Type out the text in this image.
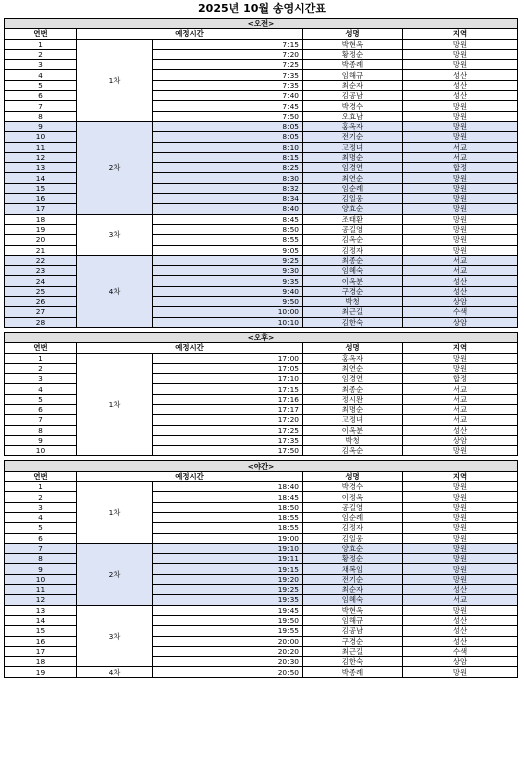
2025년 10월 송영시간표
<오전>				
연번	예정시간		성명	지역
1	1차	7:15	박현옥	망원
2		7:20	황정순	망원
3		7:25	박종례	망원
4		7:35	임해규	성산
5		7:35	최순자	성산
6		7:40	김공남	성산
7		7:45	박경수	망원
8		7:50	오효남	망원
9	2차	8:05	홍옥자	망원
10		8:05	전기순	망원
11		8:10	고정녀	서교
12		8:15	최명순	서교
13		8:25	임경연	합정
14		8:30	최연순	망원
15		8:32	임순례	망원
16		8:34	김일웅	망원
17		8:40	양효순	망원
18	3차	8:45	조태환	망원
19		8:50	공길영	망원
20		8:55	김옥순	망원
21		9:05	김정자	망원
22	4차	9:25	최종순	서교
23		9:30	임혜숙	서교
24		9:35	이옥분	성산
25		9:40	구경순	성산
26		9:50	박청	상암
27		10:00	최근길	수색
28		10:10	김한숙	상암

<오후>				
연번	예정시간		성명	지역
1	1차	17:00	홍옥자	망원
2		17:05	최연순	망원
3		17:10	임경연	합정
4		17:15	최종순	서교
5		17:16	정시완	서교
6		17:17	최명순	서교
7		17:20	고정녀	서교
8		17:25	이옥분	성산
9		17:35	박청	상암
10		17:50	김옥순	망원

<야간>				
연번	예정시간		성명	지역
1	1차	18:40	박경수	망원
2		18:45	이정옥	망원
3		18:50	공길영	망원
4		18:55	임순례	망원
5		18:55	김정자	망원
6		19:00	김일웅	망원
7	2차	19:10	양효순	망원
8		19:11	황정순	망원
9		19:15	채복임	망원
10		19:20	전기순	망원
11		19:25	최순자	성산
12		19:35	임혜숙	서교
13	3차	19:45	박현옥	망원
14		19:50	임해규	성산
15		19:55	김공남	성산
16		20:00	구경순	성산
17		20:20	최근길	수색
18		20:30	김한숙	상암
19	4차	20:50	박종례	망원
